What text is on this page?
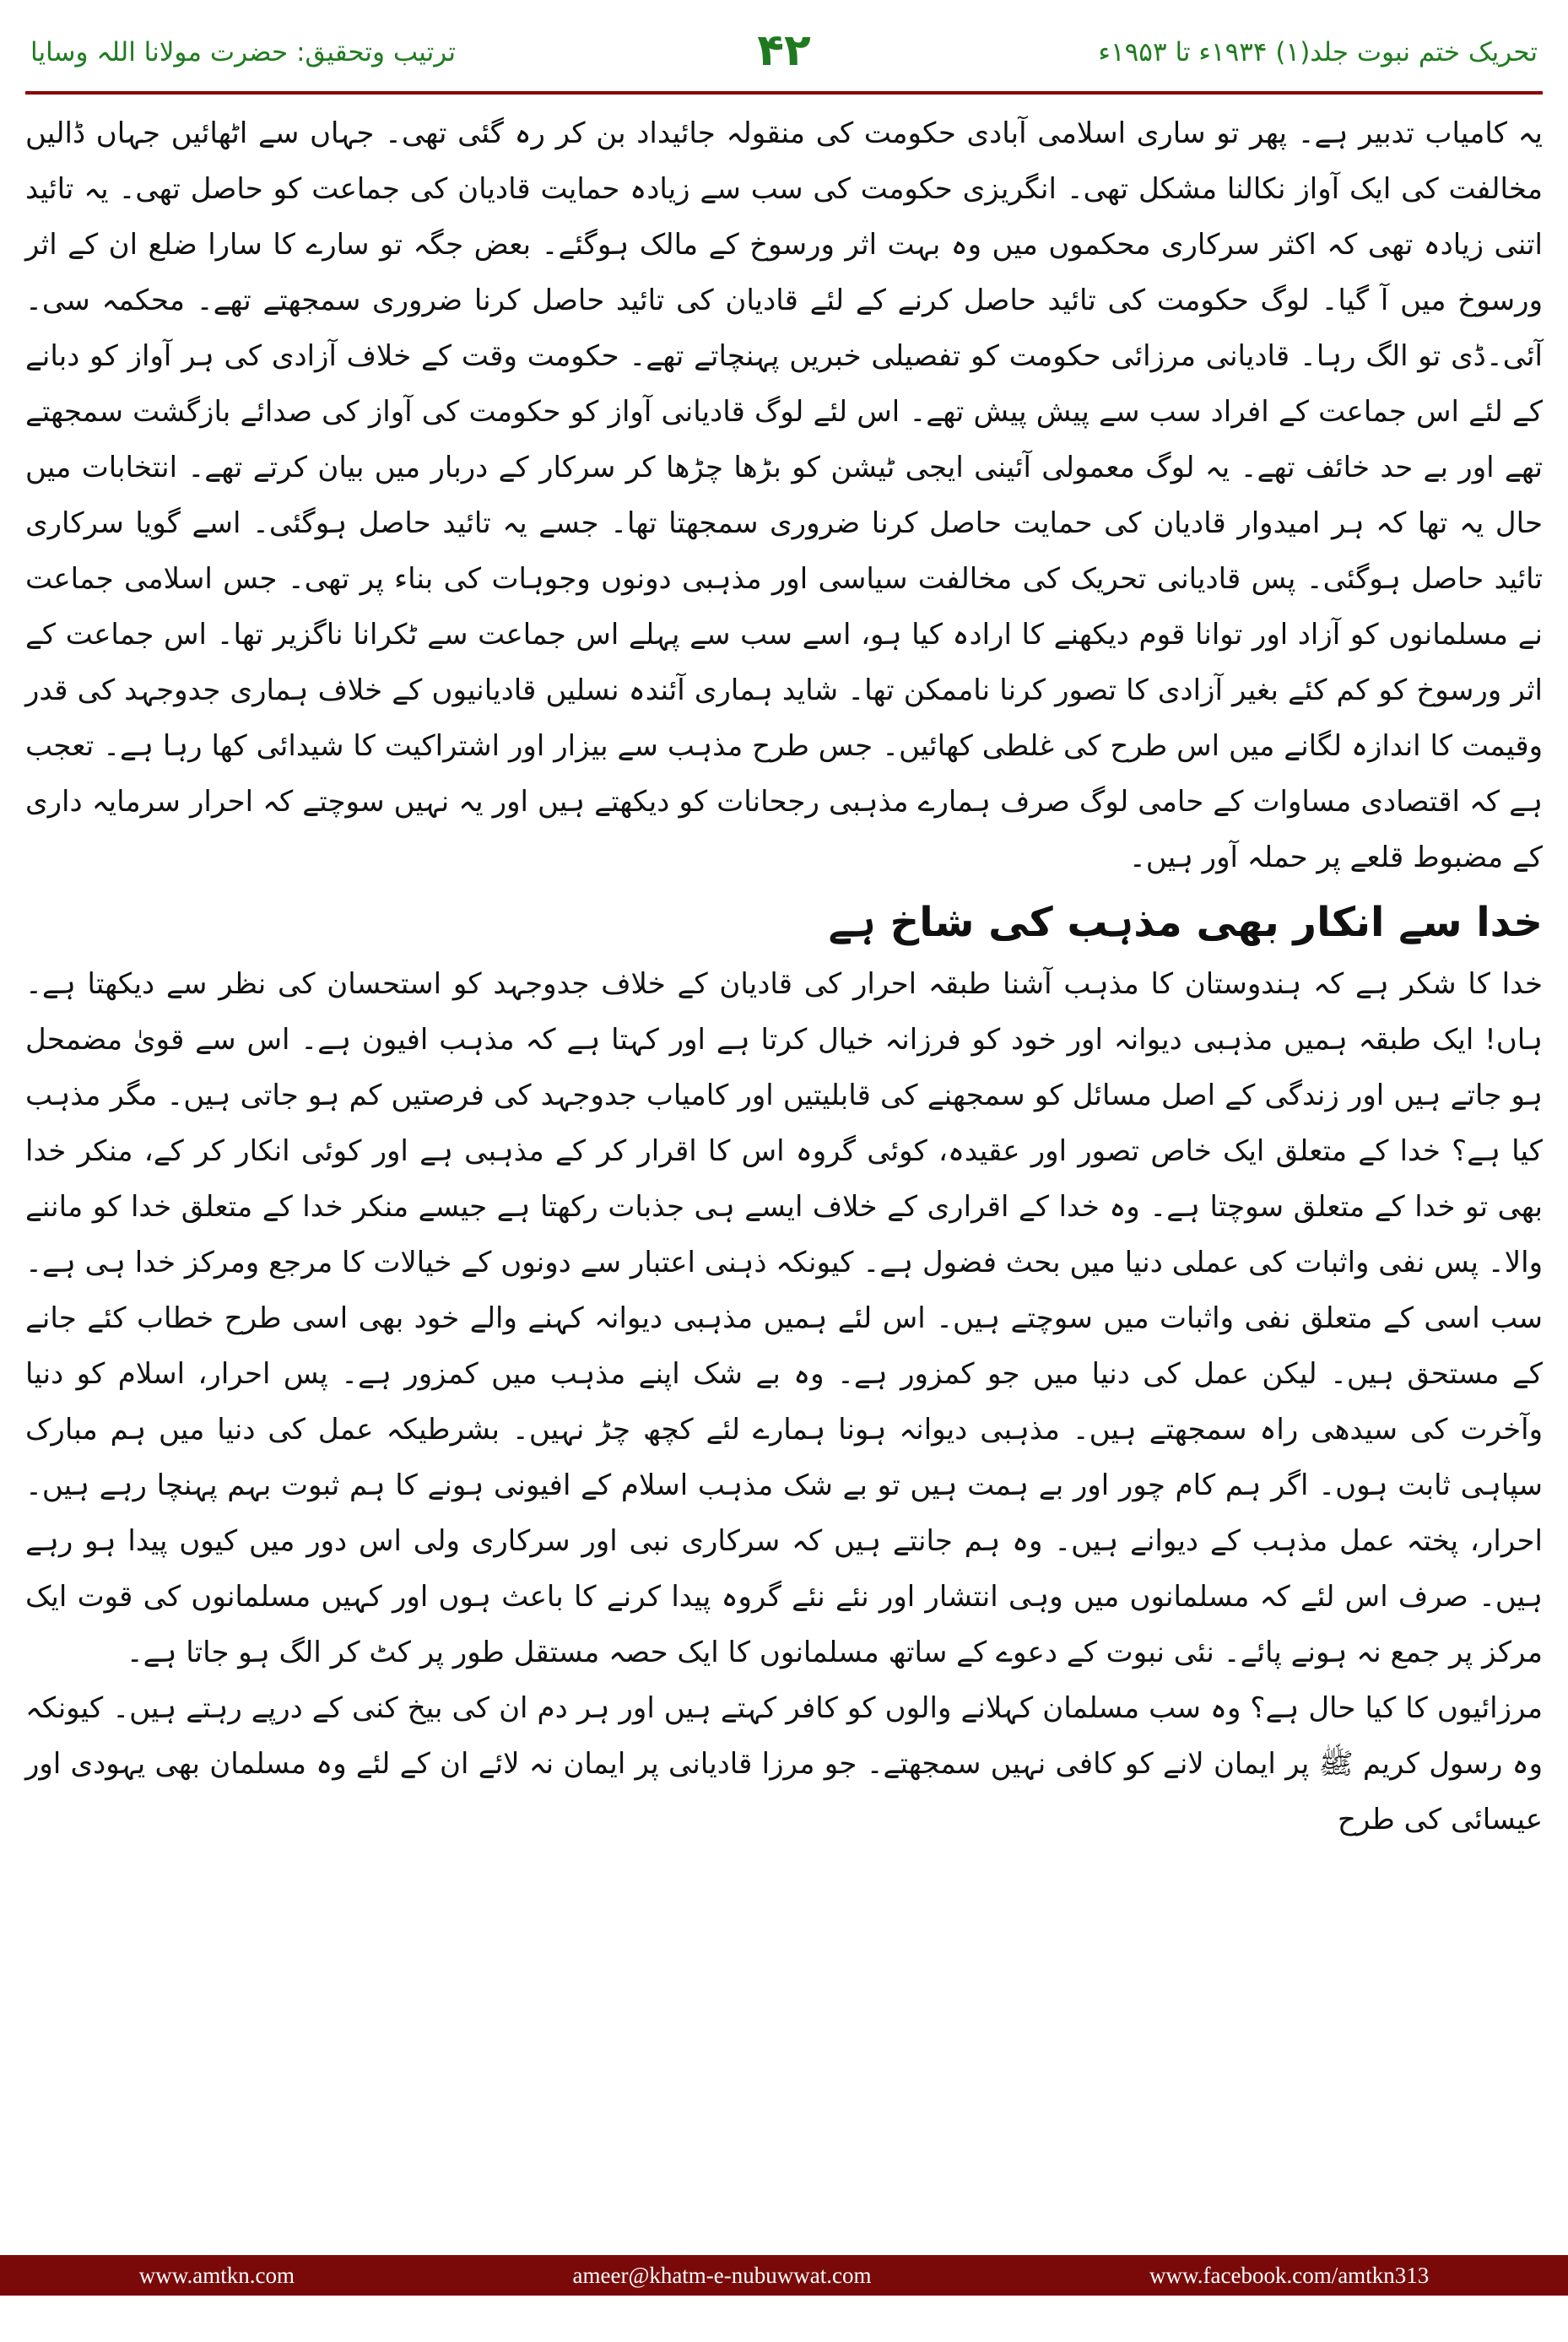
ترتیب وتحقیق: حضرت مولانا اللہ وسایا	۴۲	تحریک ختم نبوت جلد(۱) ۱۹۳۴ء تا ۱۹۵۳ء

یہ کامیاب تدبیر ہے۔ پھر تو ساری اسلامی آبادی حکومت کی منقولہ جائیداد بن کر رہ گئی تھی۔ جہاں سے اٹھائیں جہاں ڈالیں مخالفت کی ایک آواز نکالنا مشکل تھی۔ انگریزی حکومت کی سب سے زیادہ حمایت قادیان کی جماعت کو حاصل تھی۔ یہ تائید اتنی زیادہ تھی کہ اکثر سرکاری محکموں میں وہ بہت اثر ورسوخ کے مالک ہوگئے۔ بعض جگہ تو سارے کا سارا ضلع ان کے اثر ورسوخ میں آ گیا۔ لوگ حکومت کی تائید حاصل کرنے کے لئے قادیان کی تائید حاصل کرنا ضروری سمجھتے تھے۔ محکمہ سی۔آئی۔ڈی تو الگ رہا۔ قادیانی مرزائی حکومت کو تفصیلی خبریں پہنچاتے تھے۔ حکومت وقت کے خلاف آزادی کی ہر آواز کو دبانے کے لئے اس جماعت کے افراد سب سے پیش پیش تھے۔ اس لئے لوگ قادیانی آواز کو حکومت کی آواز کی صدائے بازگشت سمجھتے تھے اور بے حد خائف تھے۔ یہ لوگ معمولی آئینی ایجی ٹیشن کو بڑھا چڑھا کر سرکار کے دربار میں بیان کرتے تھے۔ انتخابات میں حال یہ تھا کہ ہر امیدوار قادیان کی حمایت حاصل کرنا ضروری سمجھتا تھا۔ جسے یہ تائید حاصل ہوگئی۔ اسے گویا سرکاری تائید حاصل ہوگئی۔ پس قادیانی تحریک کی مخالفت سیاسی اور مذہبی دونوں وجوہات کی بناء پر تھی۔ جس اسلامی جماعت نے مسلمانوں کو آزاد اور توانا قوم دیکھنے کا ارادہ کیا ہو، اسے سب سے پہلے اس جماعت سے ٹکرانا ناگزیر تھا۔ اس جماعت کے اثر ورسوخ کو کم کئے بغیر آزادی کا تصور کرنا ناممکن تھا۔ شاید ہماری آئندہ نسلیں قادیانیوں کے خلاف ہماری جدوجہد کی قدر وقیمت کا اندازہ لگانے میں اس طرح کی غلطی کھائیں۔ جس طرح مذہب سے بیزار اور اشتراکیت کا شیدائی کھا رہا ہے۔ تعجب ہے کہ اقتصادی مساوات کے حامی لوگ صرف ہمارے مذہبی رجحانات کو دیکھتے ہیں اور یہ نہیں سوچتے کہ احرار سرمایہ داری کے مضبوط قلعے پر حملہ آور ہیں۔

خدا سے انکار بھی مذہب کی شاخ ہے

خدا کا شکر ہے کہ ہندوستان کا مذہب آشنا طبقہ احرار کی قادیان کے خلاف جدوجہد کو استحسان کی نظر سے دیکھتا ہے۔ ہاں! ایک طبقہ ہمیں مذہبی دیوانہ اور خود کو فرزانہ خیال کرتا ہے اور کہتا ہے کہ مذہب افیون ہے۔ اس سے قویٰ مضمحل ہو جاتے ہیں اور زندگی کے اصل مسائل کو سمجھنے کی قابلیتیں اور کامیاب جدوجہد کی فرصتیں کم ہو جاتی ہیں۔ مگر مذہب کیا ہے؟ خدا کے متعلق ایک خاص تصور اور عقیدہ، کوئی گروہ اس کا اقرار کر کے مذہبی ہے اور کوئی انکار کر کے، منکر خدا بھی تو خدا کے متعلق سوچتا ہے۔ وہ خدا کے اقراری کے خلاف ایسے ہی جذبات رکھتا ہے جیسے منکر خدا کے متعلق خدا کو ماننے والا۔ پس نفی واثبات کی عملی دنیا میں بحث فضول ہے۔ کیونکہ ذہنی اعتبار سے دونوں کے خیالات کا مرجع ومرکز خدا ہی ہے۔ سب اسی کے متعلق نفی واثبات میں سوچتے ہیں۔ اس لئے ہمیں مذہبی دیوانہ کہنے والے خود بھی اسی طرح خطاب کئے جانے کے مستحق ہیں۔ لیکن عمل کی دنیا میں جو کمزور ہے۔ وہ بے شک اپنے مذہب میں کمزور ہے۔ پس احرار، اسلام کو دنیا وآخرت کی سیدھی راہ سمجھتے ہیں۔ مذہبی دیوانہ ہونا ہمارے لئے کچھ چڑ نہیں۔ بشرطیکہ عمل کی دنیا میں ہم مبارک سپاہی ثابت ہوں۔ اگر ہم کام چور اور بے ہمت ہیں تو بے شک مذہب اسلام کے افیونی ہونے کا ہم ثبوت بہم پہنچا رہے ہیں۔ احرار، پختہ عمل مذہب کے دیوانے ہیں۔ وہ ہم جانتے ہیں کہ سرکاری نبی اور سرکاری ولی اس دور میں کیوں پیدا ہو رہے ہیں۔ صرف اس لئے کہ مسلمانوں میں وہی انتشار اور نئے نئے گروہ پیدا کرنے کا باعث ہوں اور کہیں مسلمانوں کی قوت ایک مرکز پر جمع نہ ہونے پائے۔ نئی نبوت کے دعوے کے ساتھ مسلمانوں کا ایک حصہ مستقل طور پر کٹ کر الگ ہو جاتا ہے۔

مرزائیوں کا کیا حال ہے؟ وہ سب مسلمان کہلانے والوں کو کافر کہتے ہیں اور ہر دم ان کی بیخ کنی کے درپے رہتے ہیں۔ کیونکہ وہ رسول کریم ﷺ پر ایمان لانے کو کافی نہیں سمجھتے۔ جو مرزا قادیانی پر ایمان نہ لائے ان کے لئے وہ مسلمان بھی یہودی اور عیسائی کی طرح

www.amtkn.com	ameer@khatm-e-nubuwwat.com	www.facebook.com/amtkn313
